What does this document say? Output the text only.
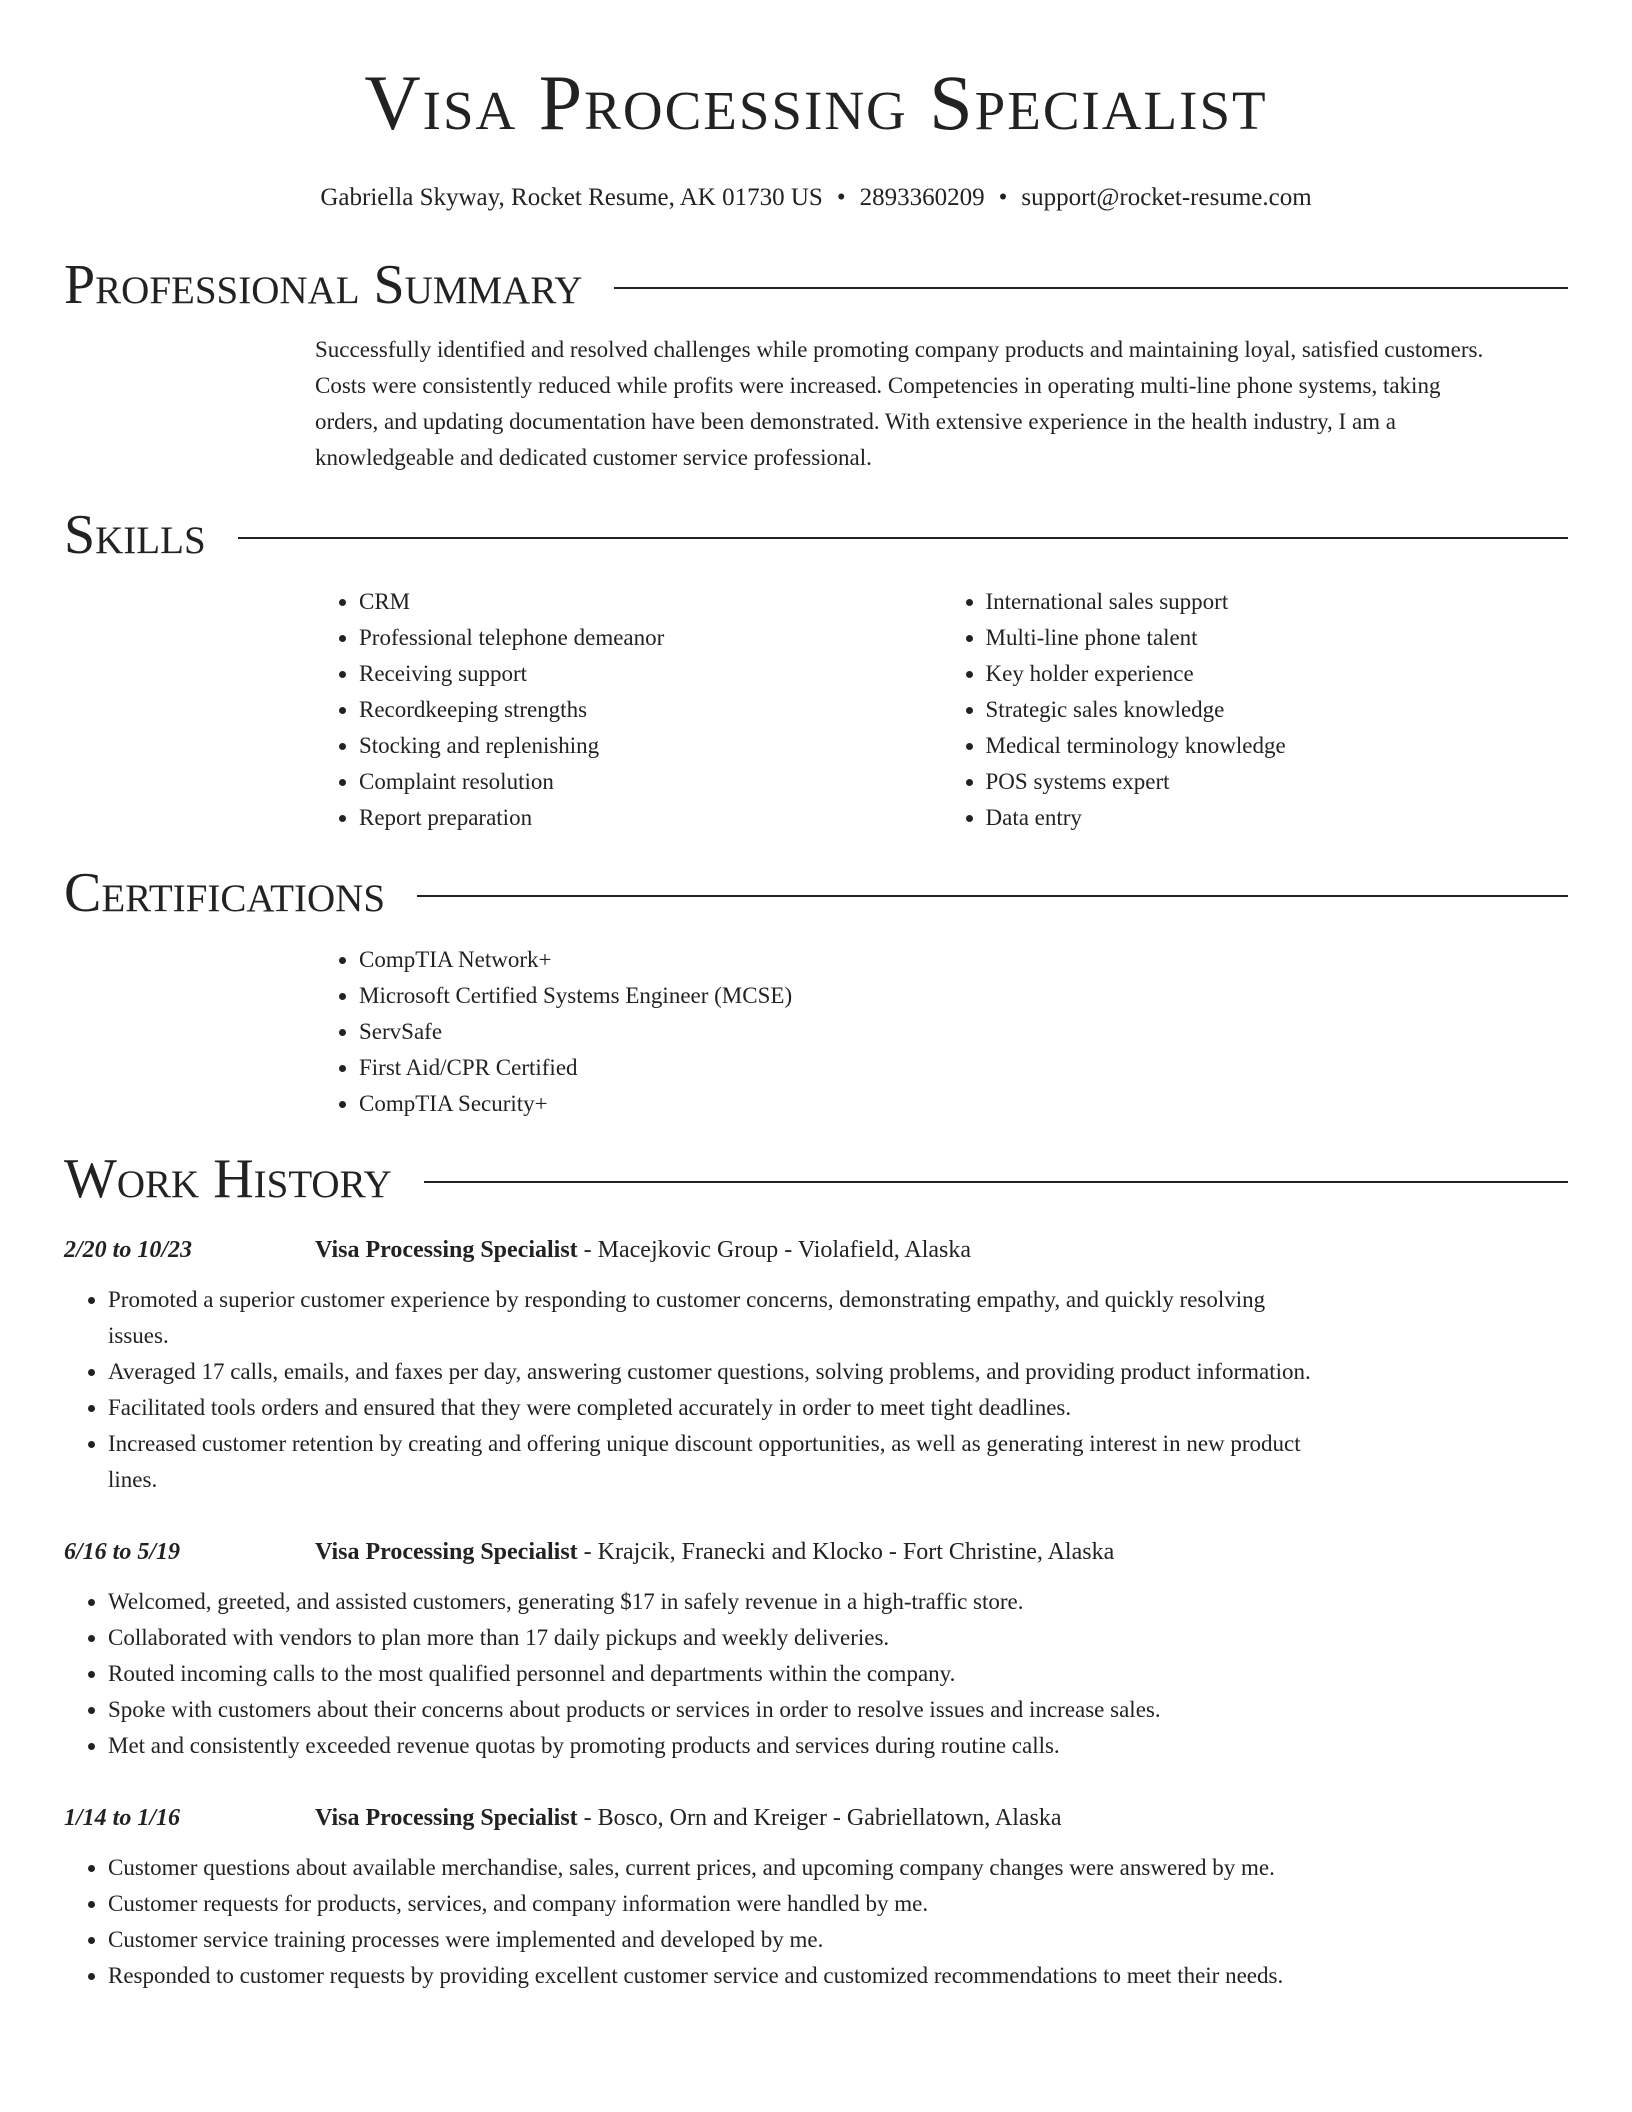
Visa Processing Specialist
Gabriella Skyway, Rocket Resume, AK 01730 US • 2893360209 • support@rocket-resume.com
Professional Summary

Successfully identified and resolved challenges while promoting company products and maintaining loyal, satisfied customers. Costs were consistently reduced while profits were increased. Competencies in operating multi-line phone systems, taking orders, and updating documentation have been demonstrated. With extensive experience in the health industry, I am a knowledgeable and dedicated customer service professional.

Skills
• CRM
• Professional telephone demeanor
• Receiving support
• Recordkeeping strengths
• Stocking and replenishing
• Complaint resolution
• Report preparation
• International sales support
• Multi-line phone talent
• Key holder experience
• Strategic sales knowledge
• Medical terminology knowledge
• POS systems expert
• Data entry
Certifications
• CompTIA Network+
• Microsoft Certified Systems Engineer (MCSE)
• ServSafe
• First Aid/CPR Certified
• CompTIA Security+
Work History
2/20 to 10/23	Visa Processing Specialist - Macejkovic Group - Violafield, Alaska
• Promoted a superior customer experience by responding to customer concerns, demonstrating empathy, and quickly resolving issues.
• Averaged 17 calls, emails, and faxes per day, answering customer questions, solving problems, and providing product information.
• Facilitated tools orders and ensured that they were completed accurately in order to meet tight deadlines.
• Increased customer retention by creating and offering unique discount opportunities, as well as generating interest in new product lines.
6/16 to 5/19	Visa Processing Specialist - Krajcik, Franecki and Klocko - Fort Christine, Alaska
• Welcomed, greeted, and assisted customers, generating $17 in safely revenue in a high-traffic store.
• Collaborated with vendors to plan more than 17 daily pickups and weekly deliveries.
• Routed incoming calls to the most qualified personnel and departments within the company.
• Spoke with customers about their concerns about products or services in order to resolve issues and increase sales.
• Met and consistently exceeded revenue quotas by promoting products and services during routine calls.
1/14 to 1/16	Visa Processing Specialist - Bosco, Orn and Kreiger - Gabriellatown, Alaska
• Customer questions about available merchandise, sales, current prices, and upcoming company changes were answered by me.
• Customer requests for products, services, and company information were handled by me.
• Customer service training processes were implemented and developed by me.
• Responded to customer requests by providing excellent customer service and customized recommendations to meet their needs.
